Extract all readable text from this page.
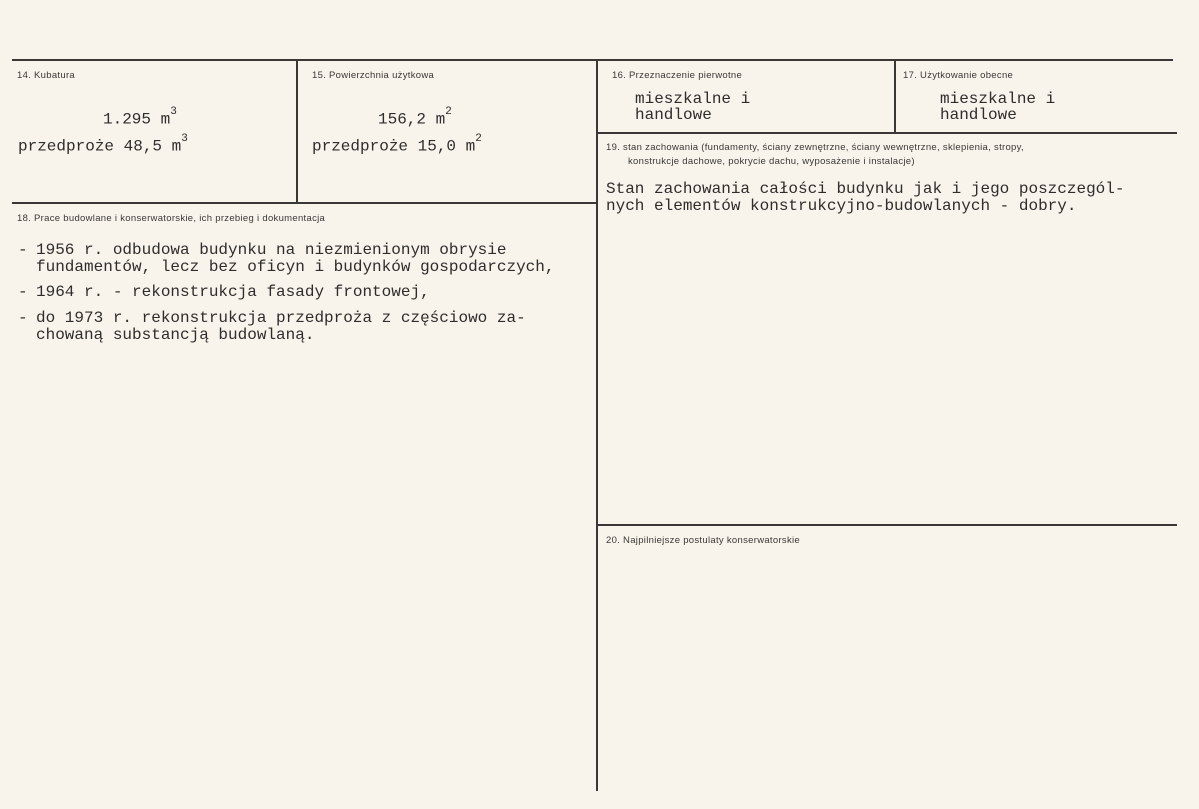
14. Kubatura
1.295 $m^3$
przedproże 48,5 $m^3$
15. Powierzchnia użytkowa
156,2 $m^2$
przedproże 15,0 $m^2$
16. Przeznaczenie pierwotne
mieszkalne i
handlowe
17. Użytkowanie obecne
mieszkalne i
handlowe
18. Prace budowlane i konserwatorskie, ich przebieg i dokumentacja
- 1956 r. odbudowa budynku na niezmienionym obrysie
fundamentów, lecz bez oficyn i budynków gospodarczych,
- 1964 r. - rekonstrukcja fasady frontowej,
- do 1973 r. rekonstrukcja przedproża z częściowo za-
chowaną substancją budowlaną.
19. stan zachowania (fundamenty, ściany zewnętrzne, ściany wewnętrzne, sklepienia, stropy,
konstrukcje dachowe, pokrycie dachu, wyposażenie i instalacje)
Stan zachowania całości budynku jak i jego poszczegól-
nych elementów konstrukcyjno-budowlanych - dobry.
20. Najpilniejsze postulaty konserwatorskie
